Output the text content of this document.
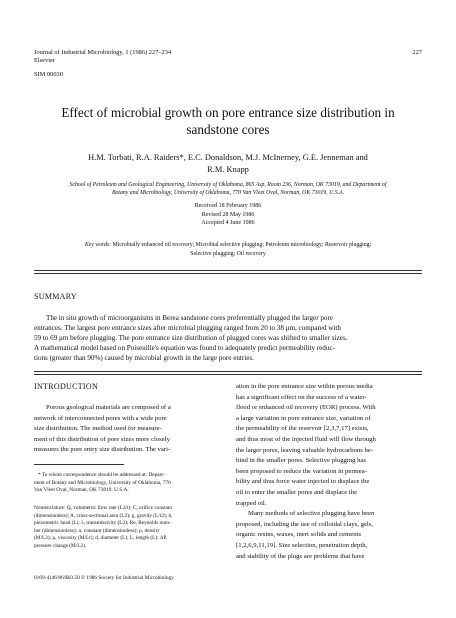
Journal of Industrial Microbiology, 1 (1986) 227–234
Elsevier
SIM 00030
227
Effect of microbial growth on pore entrance size distribution in
sandstone cores
H.M. Torbati, R.A. Raiders*, E.C. Donaldson, M.J. McInerney, G.E. Jenneman and
R.M. Knapp
School of Petroleum and Geological Engineering, University of Oklahoma, 865 Asp, Room 236, Norman, OK 73019, and Department of
Botany and Microbiology, University of Oklahoma, 770 Van Vleet Oval, Norman, OK 73019, U.S.A.
Received 18 February 1986
Revised 28 May 1986
Accepted 4 June 1986
Key words: Microbially enhanced oil recovery; Microbial selective plugging; Petroleum microbiology; Reservoir plugging;
Selective plugging; Oil recovery
SUMMARY
The in situ growth of microorganisms in Berea sandstone cores preferentially plugged the larger pore
entrances. The largest pore entrance sizes after microbial plugging ranged from 20 to 38 μm, compared with
59 to 69 μm before plugging. The pore entrance size distribution of plugged cores was shifted to smaller sizes.
A mathematical model based on Poiseuille's equation was found to adequately predict permeability reduc-
tions (greater than 90%) caused by microbial growth in the large pore entries.
INTRODUCTION
Porous geological materials are composed of a
network of interconnected pores with a wide pore
size distribution. The method used for measure-
ment of this distribution of pore sizes more closely
measures the pore entry size distribution. The vari-

* To whom correspondence should be addressed at: Depart-

ment of Botany and Microbiology, University of Oklahoma, 770

Van Vleet Oval, Norman, OK 73019, U.S.A.

Nomenclature: Q, volumetric flow rate (L3/t); C, orifice constant

(dimensionless); A, cross-sectional area (L2); g, gravity (L/t2); h,

piezometric head (L); λ, transmissivity (L2); Re, Reynolds num-

ber (dimensionless); α, constant (dimensionless); ρ, density

(M/L3); μ, viscosity (M/Lt); d, diameter (L); L, length (L); ΔP,

pressure change (M/L2).

0169-4146/86/$03.50 © 1986 Society for Industrial Microbiology
ation in the pore entrance size within porous media
has a significant effect on the success of a water-
flood or enhanced oil recovery (EOR) process. With
a large variation in pore entrance size, variation of
the permeability of the reservoir [2,3,7,17] exists,
and thus most of the injected fluid will flow through
the larger pores, leaving valuable hydrocarbons be-
hind in the smaller pores. Selective plugging has
been proposed to reduce the variation in permea-
bility and thus force water injected to displace the
oil to enter the smaller pores and displace the
trapped oil.
Many methods of selective plugging have been
proposed, including the use of colloidal clays, gels,
organic resins, waxes, inert solids and cements
[1,2,6,9,11,19]. Size selection, penetration depth,
and stability of the plugs are problems that have
